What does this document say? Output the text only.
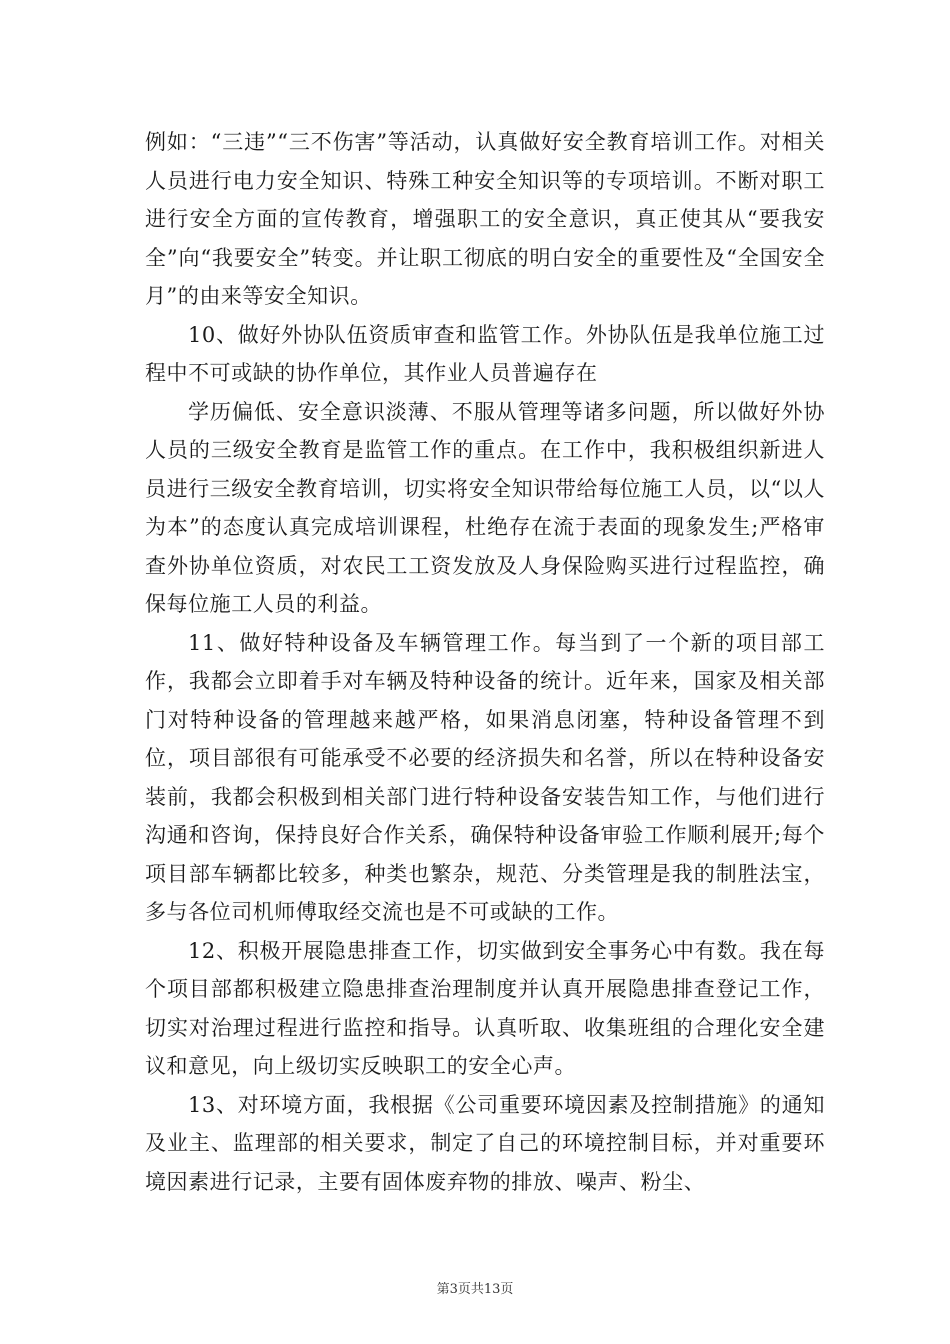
例如：“三违”“三不伤害”等活动，认真做好安全教育培训工作。对相关人员进行电力安全知识、特殊工种安全知识等的专项培训。不断对职工进行安全方面的宣传教育，增强职工的安全意识，真正使其从“要我安全”向“我要安全”转变。并让职工彻底的明白安全的重要性及“全国安全月”的由来等安全知识。

10、做好外协队伍资质审查和监管工作。外协队伍是我单位施工过程中不可或缺的协作单位，其作业人员普遍存在

学历偏低、安全意识淡薄、不服从管理等诸多问题，所以做好外协人员的三级安全教育是监管工作的重点。在工作中，我积极组织新进人员进行三级安全教育培训，切实将安全知识带给每位施工人员，以“以人为本”的态度认真完成培训课程，杜绝存在流于表面的现象发生;严格审查外协单位资质，对农民工工资发放及人身保险购买进行过程监控，确保每位施工人员的利益。

11、做好特种设备及车辆管理工作。每当到了一个新的项目部工作，我都会立即着手对车辆及特种设备的统计。近年来，国家及相关部门对特种设备的管理越来越严格，如果消息闭塞，特种设备管理不到位，项目部很有可能承受不必要的经济损失和名誉，所以在特种设备安装前，我都会积极到相关部门进行特种设备安装告知工作，与他们进行沟通和咨询，保持良好合作关系，确保特种设备审验工作顺利展开;每个项目部车辆都比较多，种类也繁杂，规范、分类管理是我的制胜法宝，多与各位司机师傅取经交流也是不可或缺的工作。

12、积极开展隐患排查工作，切实做到安全事务心中有数。我在每个项目部都积极建立隐患排查治理制度并认真开展隐患排查登记工作，切实对治理过程进行监控和指导。认真听取、收集班组的合理化安全建议和意见，向上级切实反映职工的安全心声。

13、对环境方面，我根据《公司重要环境因素及控制措施》的通知及业主、监理部的相关要求，制定了自己的环境控制目标，并对重要环境因素进行记录，主要有固体废弃物的排放、噪声、粉尘、

第3页共13页
